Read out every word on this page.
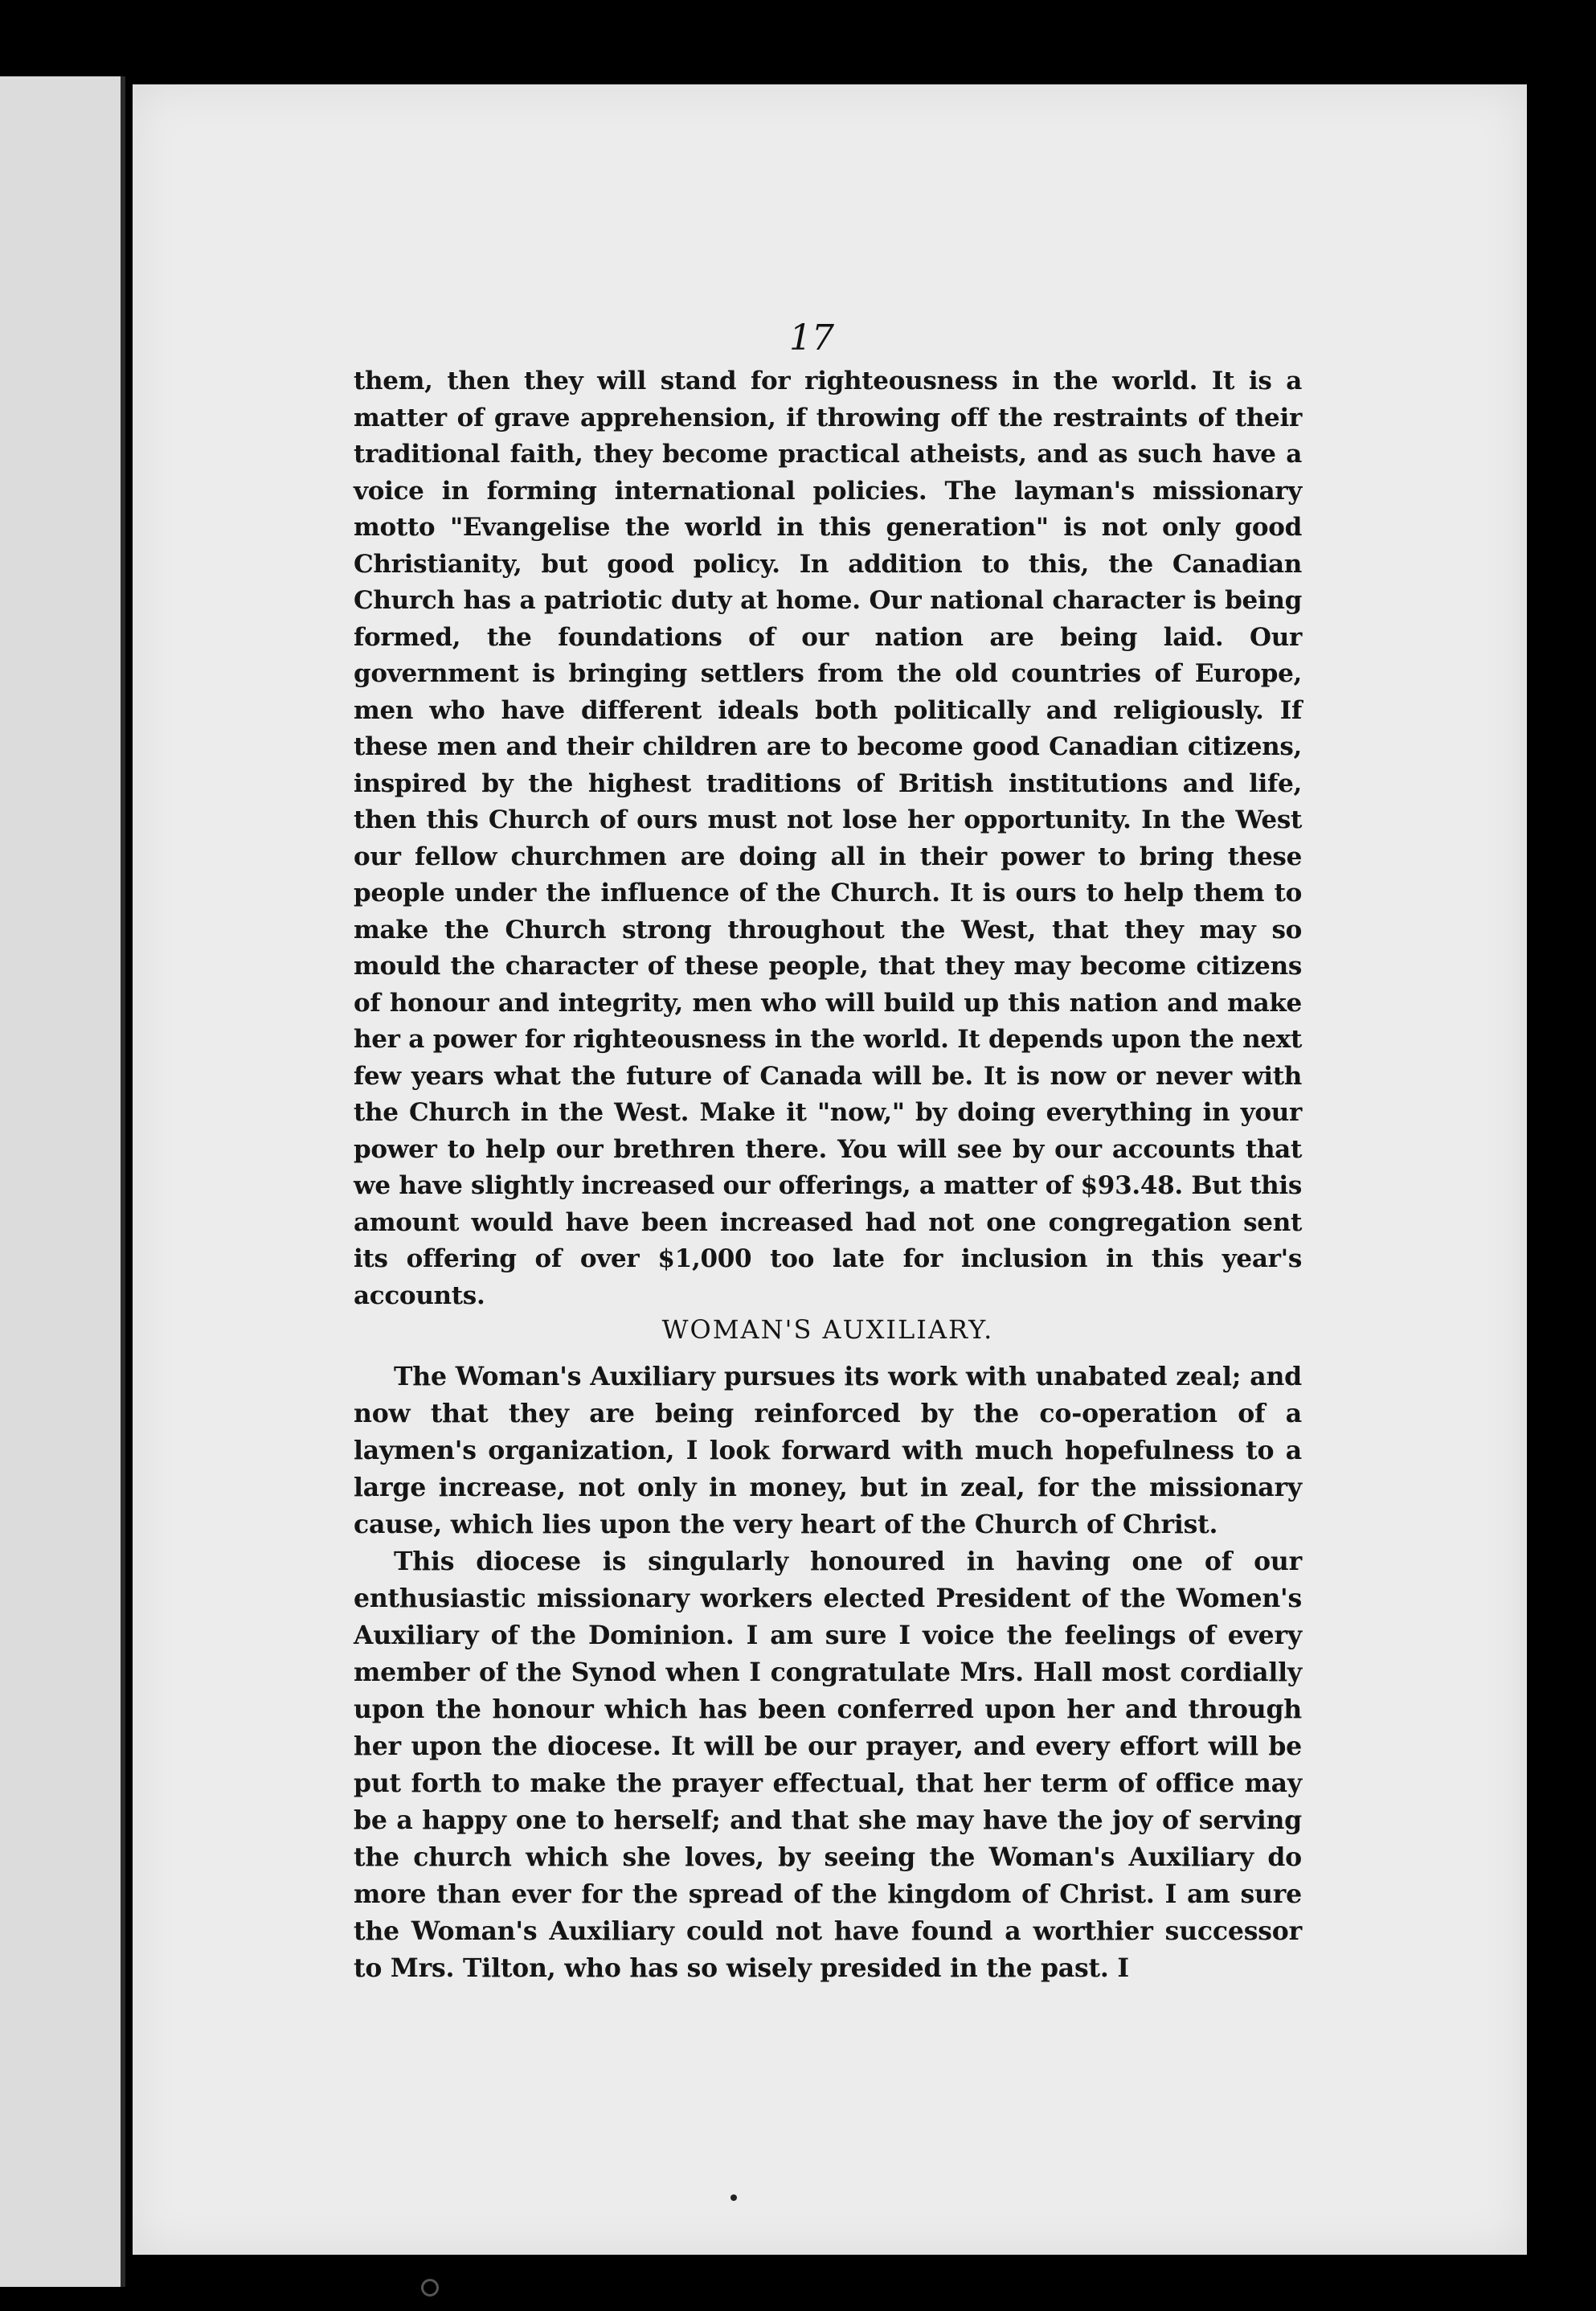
17

them, then they will stand for righteousness in the world. It is a matter of grave apprehension, if throwing off the restraints of their traditional faith, they become practical atheists, and as such have a voice in forming international policies. The layman's missionary motto "Evangelise the world in this generation" is not only good Christianity, but good policy. In addition to this, the Canadian Church has a patriotic duty at home. Our national character is being formed, the foundations of our nation are being laid. Our government is bringing settlers from the old countries of Europe, men who have different ideals both politically and religiously. If these men and their children are to become good Canadian citizens, inspired by the highest traditions of British institutions and life, then this Church of ours must not lose her opportunity. In the West our fellow churchmen are doing all in their power to bring these people under the influence of the Church. It is ours to help them to make the Church strong throughout the West, that they may so mould the character of these people, that they may become citizens of honour and integrity, men who will build up this nation and make her a power for righteousness in the world. It depends upon the next few years what the future of Canada will be. It is now or never with the Church in the West. Make it "now," by doing everything in your power to help our brethren there. You will see by our accounts that we have slightly increased our offerings, a matter of $93.48. But this amount would have been increased had not one congregation sent its offering of over $1,000 too late for inclusion in this year's accounts.

WOMAN'S AUXILIARY.

The Woman's Auxiliary pursues its work with unabated zeal; and now that they are being reinforced by the co-operation of a laymen's organization, I look forward with much hopefulness to a large increase, not only in money, but in zeal, for the missionary cause, which lies upon the very heart of the Church of Christ.

This diocese is singularly honoured in having one of our enthusiastic missionary workers elected President of the Women's Auxiliary of the Dominion. I am sure I voice the feelings of every member of the Synod when I congratulate Mrs. Hall most cordially upon the honour which has been conferred upon her and through her upon the diocese. It will be our prayer, and every effort will be put forth to make the prayer effectual, that her term of office may be a happy one to herself; and that she may have the joy of serving the church which she loves, by seeing the Woman's Auxiliary do more than ever for the spread of the kingdom of Christ. I am sure the Woman's Auxiliary could not have found a worthier successor to Mrs. Tilton, who has so wisely presided in the past. I
